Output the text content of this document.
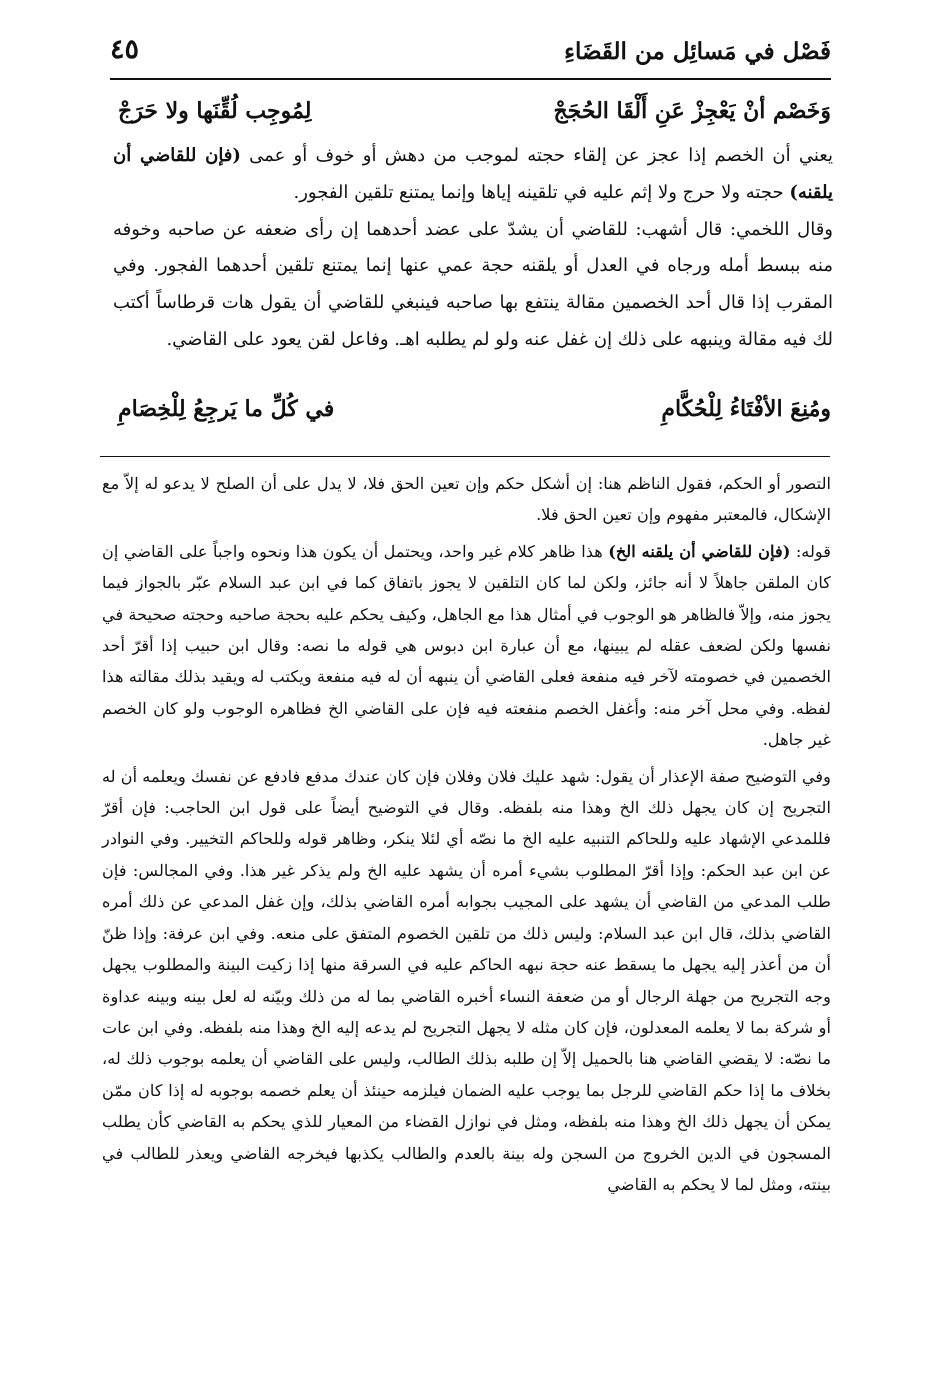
فَصْل في مَسائِل من القَضَاءِ
٤٥
وَخَصْم أنْ يَعْجِزْ عَنِ أَلْقَا الحُجَجْ
لِمُوجِب لُقِّنَها ولا حَرَجْ

يعني أن الخصم إذا عجز عن إلقاء حجته لموجب من دهش أو خوف أو عمى (فإن للقاضي أن يلقنه) حجته ولا حرج ولا إثم عليه في تلقينه إياها وإنما يمتنع تلقين الفجور.

وقال اللخمي: قال أشهب: للقاضي أن يشدّ على عضد أحدهما إن رأى ضعفه عن صاحبه وخوفه منه ببسط أمله ورجاه في العدل أو يلقنه حجة عمي عنها إنما يمتنع تلقين أحدهما الفجور. وفي المقرب إذا قال أحد الخصمين مقالة ينتفع بها صاحبه فينبغي للقاضي أن يقول هات قرطاساً أكتب لك فيه مقالة وينبهه على ذلك إن غفل عنه ولو لم يطلبه اهـ. وفاعل لقن يعود على القاضي.

ومُنِعَ الأفْتَاءُ لِلْحُكَّامِ
في كُلِّ ما يَرجِعُ لِلْخِصَامِ

التصور أو الحكم، فقول الناظم هنا: إن أشكل حكم وإن تعين الحق فلا، لا يدل على أن الصلح لا يدعو له إلاّ مع الإشكال، فالمعتبر مفهوم وإن تعين الحق فلا.

قوله: (فإن للقاضي أن يلقنه الخ) هذا ظاهر كلام غير واحد، ويحتمل أن يكون هذا ونحوه واجباً على القاضي إن كان الملقن جاهلاً لا أنه جائز، ولكن لما كان التلقين لا يجوز باتفاق كما في ابن عبد السلام عبّر بالجواز فيما يجوز منه، وإلاّ فالظاهر هو الوجوب في أمثال هذا مع الجاهل، وكيف يحكم عليه بحجة صاحبه وحجته صحيحة في نفسها ولكن لضعف عقله لم يبينها، مع أن عبارة ابن دبوس هي قوله ما نصه: وقال ابن حبيب إذا أقرّ أحد الخصمين في خصومته لآخر فيه منفعة فعلى القاضي أن ينبهه أن له فيه منفعة ويكتب له ويقيد بذلك مقالته هذا لفظه. وفي محل آخر منه: وأغفل الخصم منفعته فيه فإن على القاضي الخ فظاهره الوجوب ولو كان الخصم غير جاهل.

وفي التوضيح صفة الإعذار أن يقول: شهد عليك فلان وفلان فإن كان عندك مدفع فادفع عن نفسك ويعلمه أن له التجريح إن كان يجهل ذلك الخ وهذا منه بلفظه. وقال في التوضيح أيضاً على قول ابن الحاجب: فإن أقرّ فللمدعي الإشهاد عليه وللحاكم التنبيه عليه الخ ما نصّه أي لئلا ينكر، وظاهر قوله وللحاكم التخيير. وفي النوادر عن ابن عبد الحكم: وإذا أقرّ المطلوب بشيء أمره أن يشهد عليه الخ ولم يذكر غير هذا. وفي المجالس: فإن طلب المدعي من القاضي أن يشهد على المجيب بجوابه أمره القاضي بذلك، وإن غفل المدعي عن ذلك أمره القاضي بذلك، قال ابن عبد السلام: وليس ذلك من تلقين الخصوم المتفق على منعه. وفي ابن عرفة: وإذا ظنّ أن من أعذر إليه يجهل ما يسقط عنه حجة نبهه الحاكم عليه في السرقة منها إذا زكيت البينة والمطلوب يجهل وجه التجريح من جهلة الرجال أو من ضعفة النساء أخبره القاضي بما له من ذلك وبيّنه له لعل بينه وبينه عداوة أو شركة بما لا يعلمه المعدلون، فإن كان مثله لا يجهل التجريح لم يدعه إليه الخ وهذا منه بلفظه. وفي ابن عات ما نصّه: لا يقضي القاضي هنا بالحميل إلاّ إن طلبه بذلك الطالب، وليس على القاضي أن يعلمه بوجوب ذلك له، بخلاف ما إذا حكم القاضي للرجل بما يوجب عليه الضمان فيلزمه حينئذ أن يعلم خصمه بوجوبه له إذا كان ممّن يمكن أن يجهل ذلك الخ وهذا منه بلفظه، ومثل في نوازل القضاء من المعيار للذي يحكم به القاضي كأن يطلب المسجون في الدين الخروج من السجن وله بينة بالعدم والطالب يكذبها فيخرجه القاضي ويعذر للطالب في بينته، ومثل لما لا يحكم به القاضي
